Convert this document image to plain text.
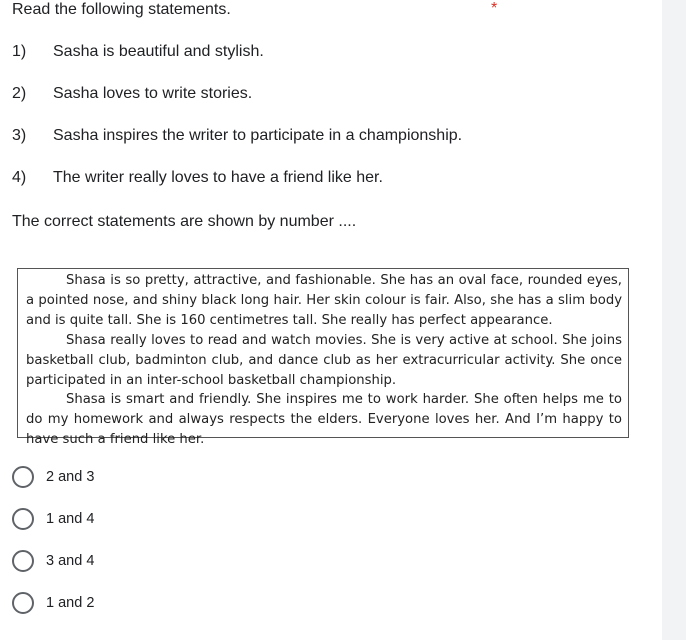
Read the following statements.	*
1) Sasha is beautiful and stylish.
2) Sasha loves to write stories.
3) Sasha inspires the writer to participate in a championship.
4) The writer really loves to have a friend like her.
The correct statements are shown by number ....

Shasa is so pretty, attractive, and fashionable. She has an oval face, rounded eyes, a pointed nose, and shiny black long hair. Her skin colour is fair. Also, she has a slim body and is quite tall. She is 160 centimetres tall. She really has perfect appearance.

Shasa really loves to read and watch movies. She is very active at school. She joins basketball club, badminton club, and dance club as her extracurricular activity. She once participated in an inter-school basketball championship.

Shasa is smart and friendly. She inspires me to work harder. She often helps me to do my homework and always respects the elders. Everyone loves her. And I’m happy to have such a friend like her.

2 and 3
1 and 4
3 and 4
1 and 2
